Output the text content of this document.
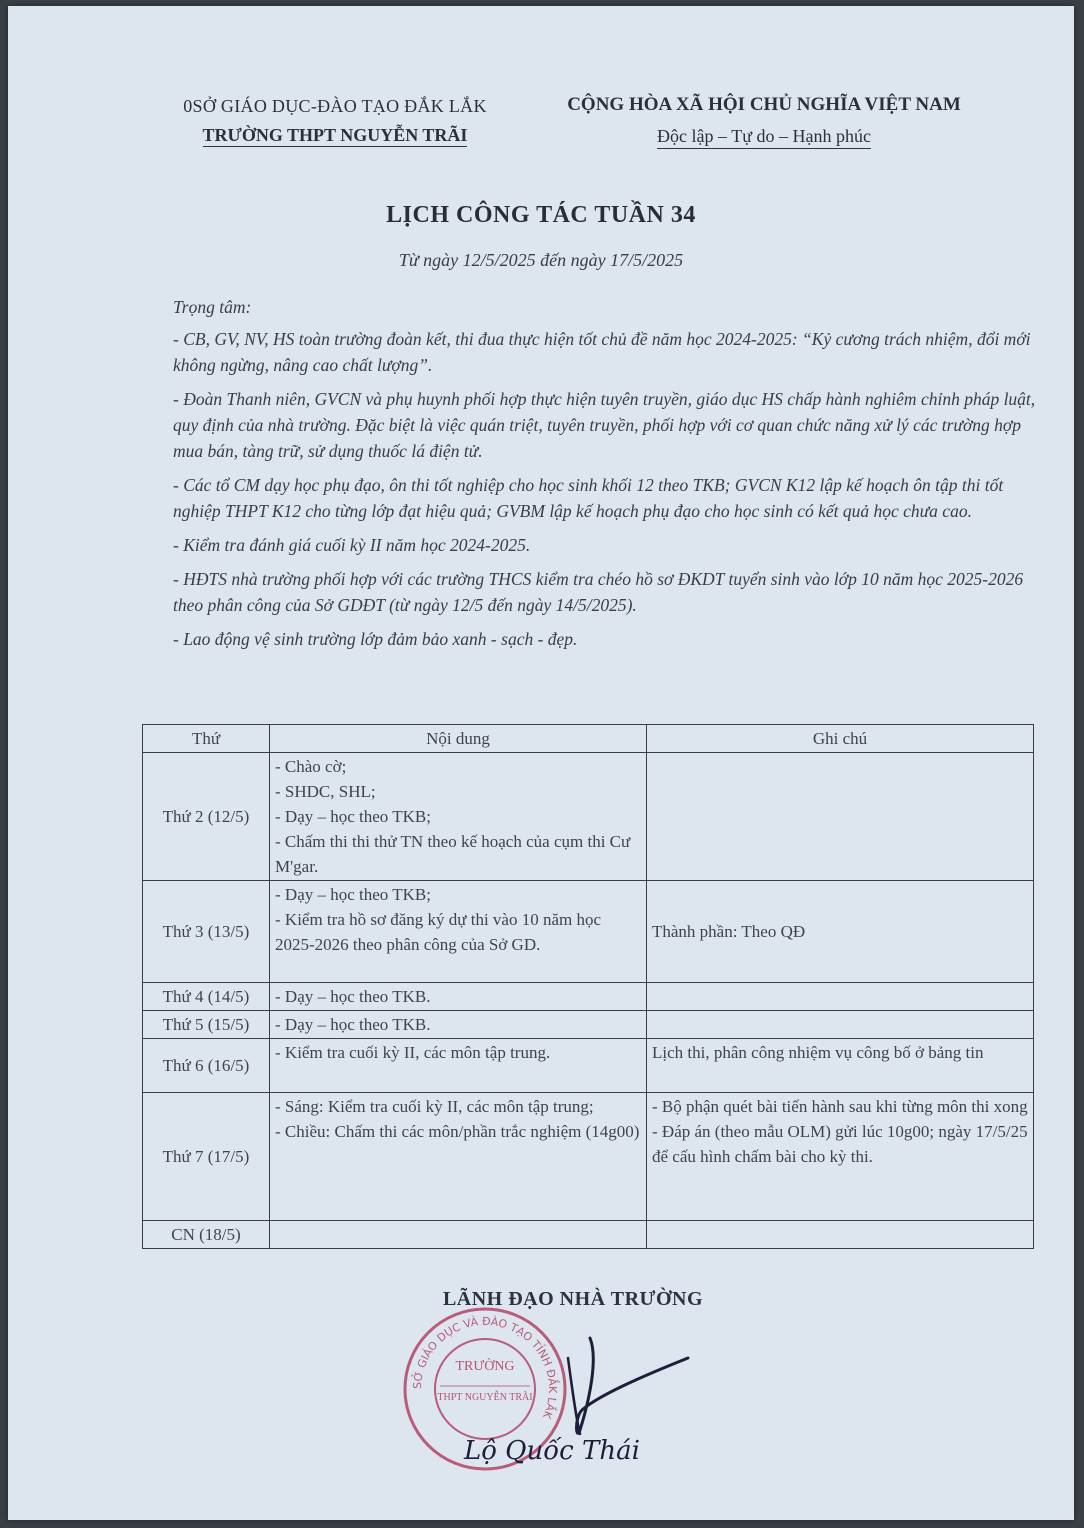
0SỞ GIÁO DỤC-ĐÀO TẠO ĐẮK LẮK
TRƯỜNG THPT NGUYỄN TRÃI
CỘNG HÒA XÃ HỘI CHỦ NGHĨA VIỆT NAM
Độc lập – Tự do – Hạnh phúc
LỊCH CÔNG TÁC TUẦN 34
Từ ngày 12/5/2025 đến ngày 17/5/2025
Trọng tâm:

- CB, GV, NV, HS toàn trường đoàn kết, thi đua thực hiện tốt chủ đề năm học 2024-2025: “Kỷ cương trách nhiệm, đổi mới không ngừng, nâng cao chất lượng”.

- Đoàn Thanh niên, GVCN và phụ huynh phối hợp thực hiện tuyên truyền, giáo dục HS chấp hành nghiêm chỉnh pháp luật, quy định của nhà trường. Đặc biệt là việc quán triệt, tuyên truyền, phối hợp với cơ quan chức năng xử lý các trường hợp mua bán, tàng trữ, sử dụng thuốc lá điện tử.

- Các tổ CM dạy học phụ đạo, ôn thi tốt nghiệp cho học sinh khối 12 theo TKB; GVCN K12 lập kế hoạch ôn tập thi tốt nghiệp THPT K12 cho từng lớp đạt hiệu quả; GVBM lập kế hoạch phụ đạo cho học sinh có kết quả học chưa cao.

- Kiểm tra đánh giá cuối kỳ II năm học 2024-2025.

- HĐTS nhà trường phối hợp với các trường THCS kiểm tra chéo hồ sơ ĐKDT tuyển sinh vào lớp 10 năm học 2025-2026 theo phân công của Sở GDĐT (từ ngày 12/5 đến ngày 14/5/2025).

- Lao động vệ sinh trường lớp đảm bảo xanh - sạch - đẹp.

Thứ	Nội dung	Ghi chú
Thứ 2 (12/5)	- Chào cờ;
- SHDC, SHL;
- Dạy – học theo TKB;
- Chấm thi thi thử TN theo kế hoạch của cụm thi Cư M'gar.	
Thứ 3 (13/5)	- Dạy – học theo TKB;
- Kiểm tra hồ sơ đăng ký dự thi vào 10 năm học 2025-2026 theo phân công của Sở GD.	Thành phần: Theo QĐ
Thứ 4 (14/5)	- Dạy – học theo TKB.	
Thứ 5 (15/5)	- Dạy – học theo TKB.	
Thứ 6 (16/5)	- Kiểm tra cuối kỳ II, các môn tập trung.	Lịch thi, phân công nhiệm vụ công bố ở bảng tin
Thứ 7 (17/5)	- Sáng: Kiểm tra cuối kỳ II, các môn tập trung;
- Chiều: Chấm thi các môn/phần trắc nghiệm (14g00)	- Bộ phận quét bài tiến hành sau khi từng môn thi xong
- Đáp án (theo mẫu OLM) gửi lúc 10g00; ngày 17/5/25 để cấu hình chấm bài cho kỳ thi.
CN (18/5)		
LÃNH ĐẠO NHÀ TRƯỜNG
SỞ GIÁO DỤC VÀ ĐÀO TẠO TỈNH ĐẮK LẮK
TRƯỜNG
THPT NGUYỄN TRÃI
Lộ Quốc Thái
